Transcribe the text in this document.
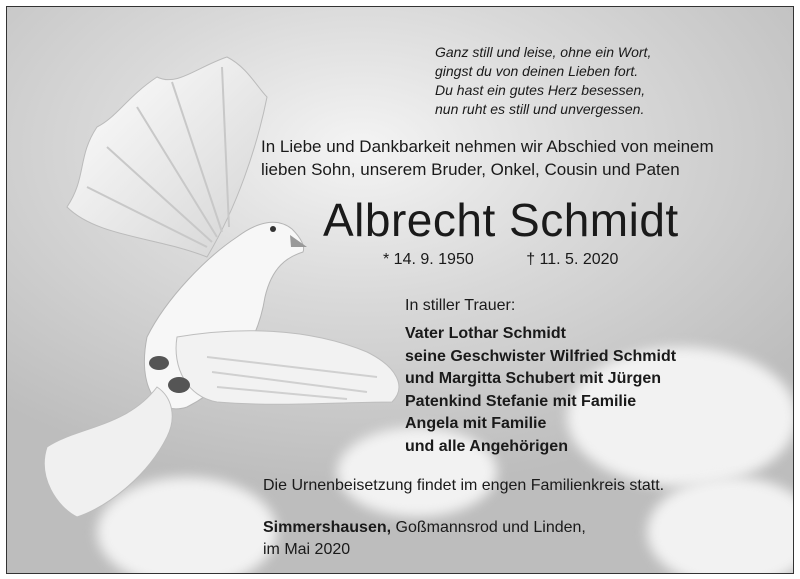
Ganz still und leise, ohne ein Wort,
gingst du von deinen Lieben fort.
Du hast ein gutes Herz besessen,
nun ruht es still und unvergessen.
In Liebe und Dankbarkeit nehmen wir Abschied von meinem
lieben Sohn, unserem Bruder, Onkel, Cousin und Paten
Albrecht Schmidt
* 14. 9. 1950	† 11. 5. 2020
In stiller Trauer:
Vater Lothar Schmidt
seine Geschwister Wilfried Schmidt
und Margitta Schubert mit Jürgen
Patenkind Stefanie mit Familie
Angela mit Familie
und alle Angehörigen
Die Urnenbeisetzung findet im engen Familienkreis statt.
Simmershausen, Goßmannsrod und Linden,
im Mai 2020
